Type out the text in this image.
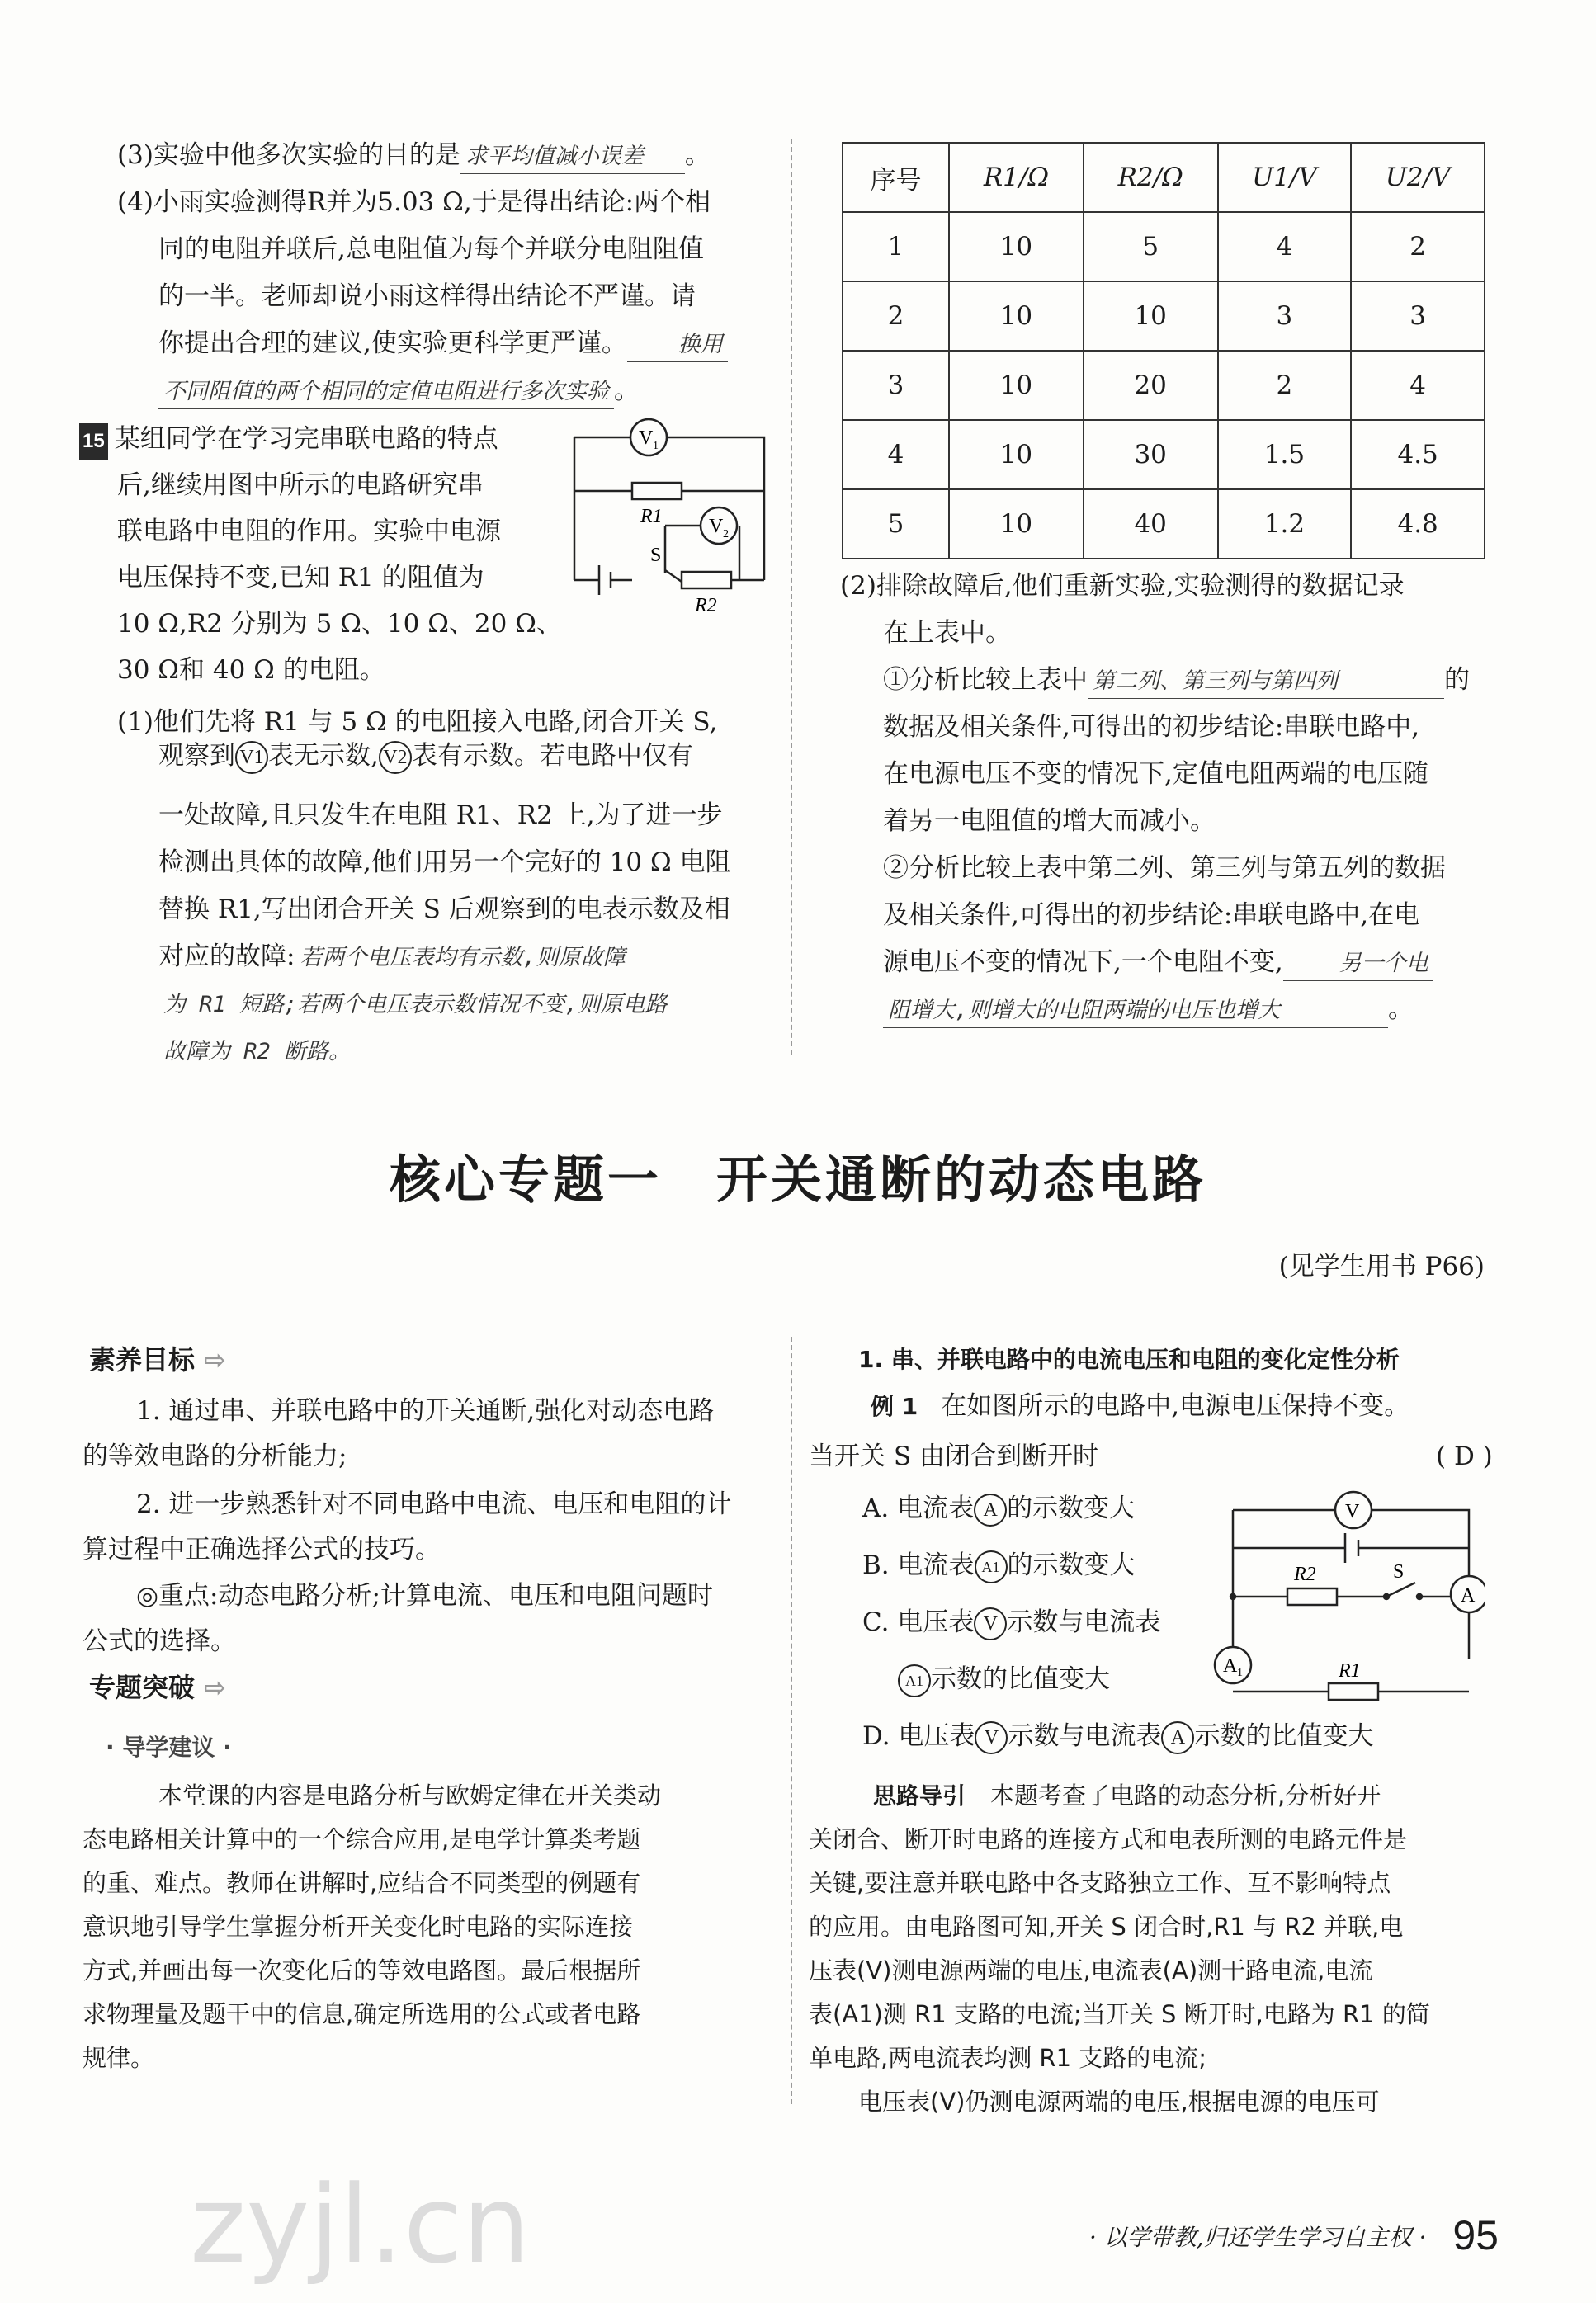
(3)实验中他多次实验的目的是 求平均值减小误差 。
(4)小雨实验测得R并为5.03 Ω,于是得出结论:两个相
同的电阻并联后,总电阻值为每个并联分电阻阻值
的一半。老师却说小雨这样得出结论不严谨。请
你提出合理的建议,使实验更科学更严谨。 换用
不同阻值的两个相同的定值电阻进行多次实验 。
15 某组同学在学习完串联电路的特点
后,继续用图中所示的电路研究串
联电路中电阻的作用。实验中电源
电压保持不变,已知 R1 的阻值为
10 Ω,R2 分别为 5 Ω、10 Ω、20 Ω、
30 Ω和 40 Ω 的电阻。
V 1
V 2
R1
S
R2
(1)他们先将 R1 与 5 Ω 的电阻接入电路,闭合开关 S,
观察到 V1 表无示数, V2 表有示数。若电路中仅有
一处故障,且只发生在电阻 R1、R2 上,为了进一步
检测出具体的故障,他们用另一个完好的 10 Ω 电阻
替换 R1,写出闭合开关 S 后观察到的电表示数及相
对应的故障: 若两个电压表均有示数,则原故障
为 R1 短路;若两个电压表示数情况不变,则原电路
故障为 R2 断路。
序号	R1/Ω	R2/Ω	U1/V	U2/V
1	10	5	4	2
2	10	10	3	3
3	10	20	2	4
4	10	30	1.5	4.5
5	10	40	1.2	4.8
(2)排除故障后,他们重新实验,实验测得的数据记录
在上表中。
①分析比较上表中 第二列、第三列与第四列	的
数据及相关条件,可得出的初步结论:串联电路中,
在电源电压不变的情况下,定值电阻两端的电压随
着另一电阻值的增大而减小。
②分析比较上表中第二列、第三列与第五列的数据
及相关条件,可得出的初步结论:串联电路中,在电
源电压不变的情况下,一个电阻不变,	另一个电
阻增大,则增大的电阻两端的电压也增大	。
核心专题一　开关通断的动态电路
(见学生用书 P66)
素养目标 ⇨
1. 通过串、并联电路中的开关通断,强化对动态电路
的等效电路的分析能力;
2. 进一步熟悉针对不同电路中电流、电压和电阻的计
算过程中正确选择公式的技巧。
◎重点:动态电路分析;计算电流、电压和电阻问题时
公式的选择。
专题突破 ⇨
· 导学建议 ·
本堂课的内容是电路分析与欧姆定律在开关类动
态电路相关计算中的一个综合应用,是电学计算类考题
的重、难点。教师在讲解时,应结合不同类型的例题有
意识地引导学生掌握分析开关变化时电路的实际连接
方式,并画出每一次变化后的等效电路图。最后根据所
求物理量及题干中的信息,确定所选用的公式或者电路
规律。
1. 串、并联电路中的电流电压和电阻的变化定性分析
例 1 在如图所示的电路中,电源电压保持不变。
当开关 S 由闭合到断开时	( D )
A. 电流表 A 的示数变大
B. 电流表 A1 的示数变大
C. 电压表 V 示数与电流表
A1 示数的比值变大
D. 电压表 V 示数与电流表 A 示数的比值变大
V
A
A 1
R2	S
R1
思路导引 本题考查了电路的动态分析,分析好开
关闭合、断开时电路的连接方式和电表所测的电路元件是
关键,要注意并联电路中各支路独立工作、互不影响特点
的应用。由电路图可知,开关 S 闭合时,R1 与 R2 并联,电
压表(V)测电源两端的电压,电流表(A)测干路电流,电流
表(A1)测 R1 支路的电流;当开关 S 断开时,电路为 R1 的简
单电路,两电流表均测 R1 支路的电流;
电压表(V)仍测电源两端的电压,根据电源的电压可
zyjl.cn	· 以学带教,归还学生学习自主权 · 95
